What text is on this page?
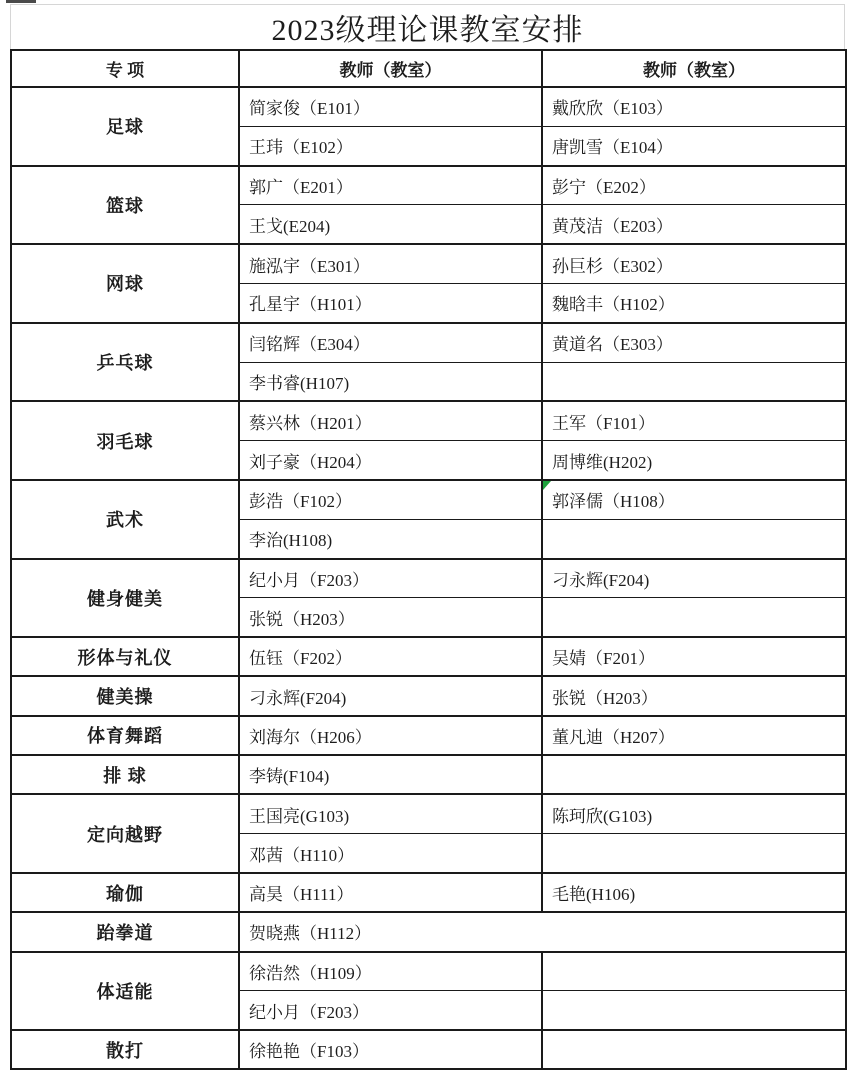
2023级理论课教室安排
专 项	教师（教室）	教师（教室）
足球	简家俊（E101）	戴欣欣（E103）
	王玮（E102）	唐凯雪（E104）
篮球	郭广（E201）	彭宁（E202）
	王戈(E204)	黄茂洁（E203）
网球	施泓宇（E301）	孙巨杉（E302）
	孔星宇（H101）	魏晗丰（H102）
乒乓球	闫铭辉（E304）	黄道名（E303）
	李书睿(H107)	
羽毛球	蔡兴林（H201）	王军（F101）
	刘子豪（H204）	周博维(H202)
武术	彭浩（F102）	郭泽儒（H108）

	李治(H108)	
健身健美	纪小月（F203）	刁永辉(F204)
	张锐（H203）	
形体与礼仪	伍钰（F202）	吴婧（F201）
健美操	刁永辉(F204)	张锐（H203）
体育舞蹈	刘海尔（H206）	董凡迪（H207）
排 球	李铸(F104)	
定向越野	王国亮(G103)	陈珂欣(G103)
	邓茜（H110）	
瑜伽	高昊（H111）	毛艳(H106)
跆拳道	贺晓燕（H112）	
体适能	徐浩然（H109）	
	纪小月（F203）	
散打	徐艳艳（F103）	
